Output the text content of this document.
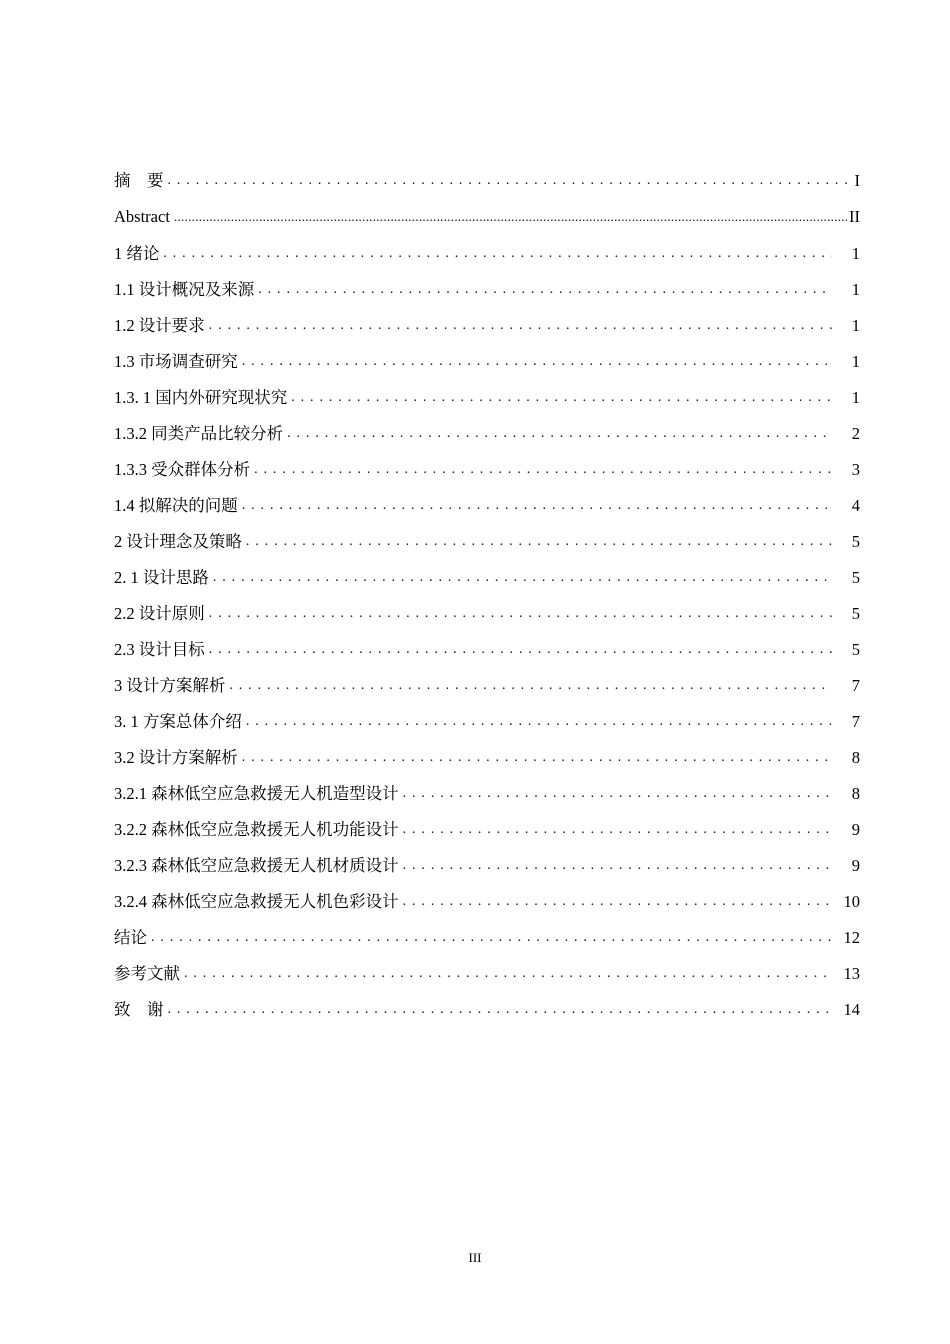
摘　要 . . .	I
Abstract .....	II
1 绪论 . . .	1
1.1 设计概况及来源 . . .	1
1.2 设计要求 . . .	1
1.3 市场调查研究 . . .	1
1.3. 1 国内外研究现状究 . . .	1
1.3.2 同类产品比较分析 . . .	2
1.3.3 受众群体分析 . . .	3
1.4 拟解决的问题 . . .	4
2 设计理念及策略 . . .	5
2. 1 设计思路 . . .	5
2.2 设计原则 . . .	5
2.3 设计目标 . . .	5
3 设计方案解析 . . .	7
3. 1 方案总体介绍 . . .	7
3.2 设计方案解析 . . .	8
3.2.1 森林低空应急救援无人机造型设计 . . .	8
3.2.2 森林低空应急救援无人机功能设计 . . .	9
3.2.3 森林低空应急救援无人机材质设计 . . .	9
3.2.4 森林低空应急救援无人机色彩设计 . . .	10
结论 . . .	12
参考文献 . . .	13
致　谢 . . .	14
III
